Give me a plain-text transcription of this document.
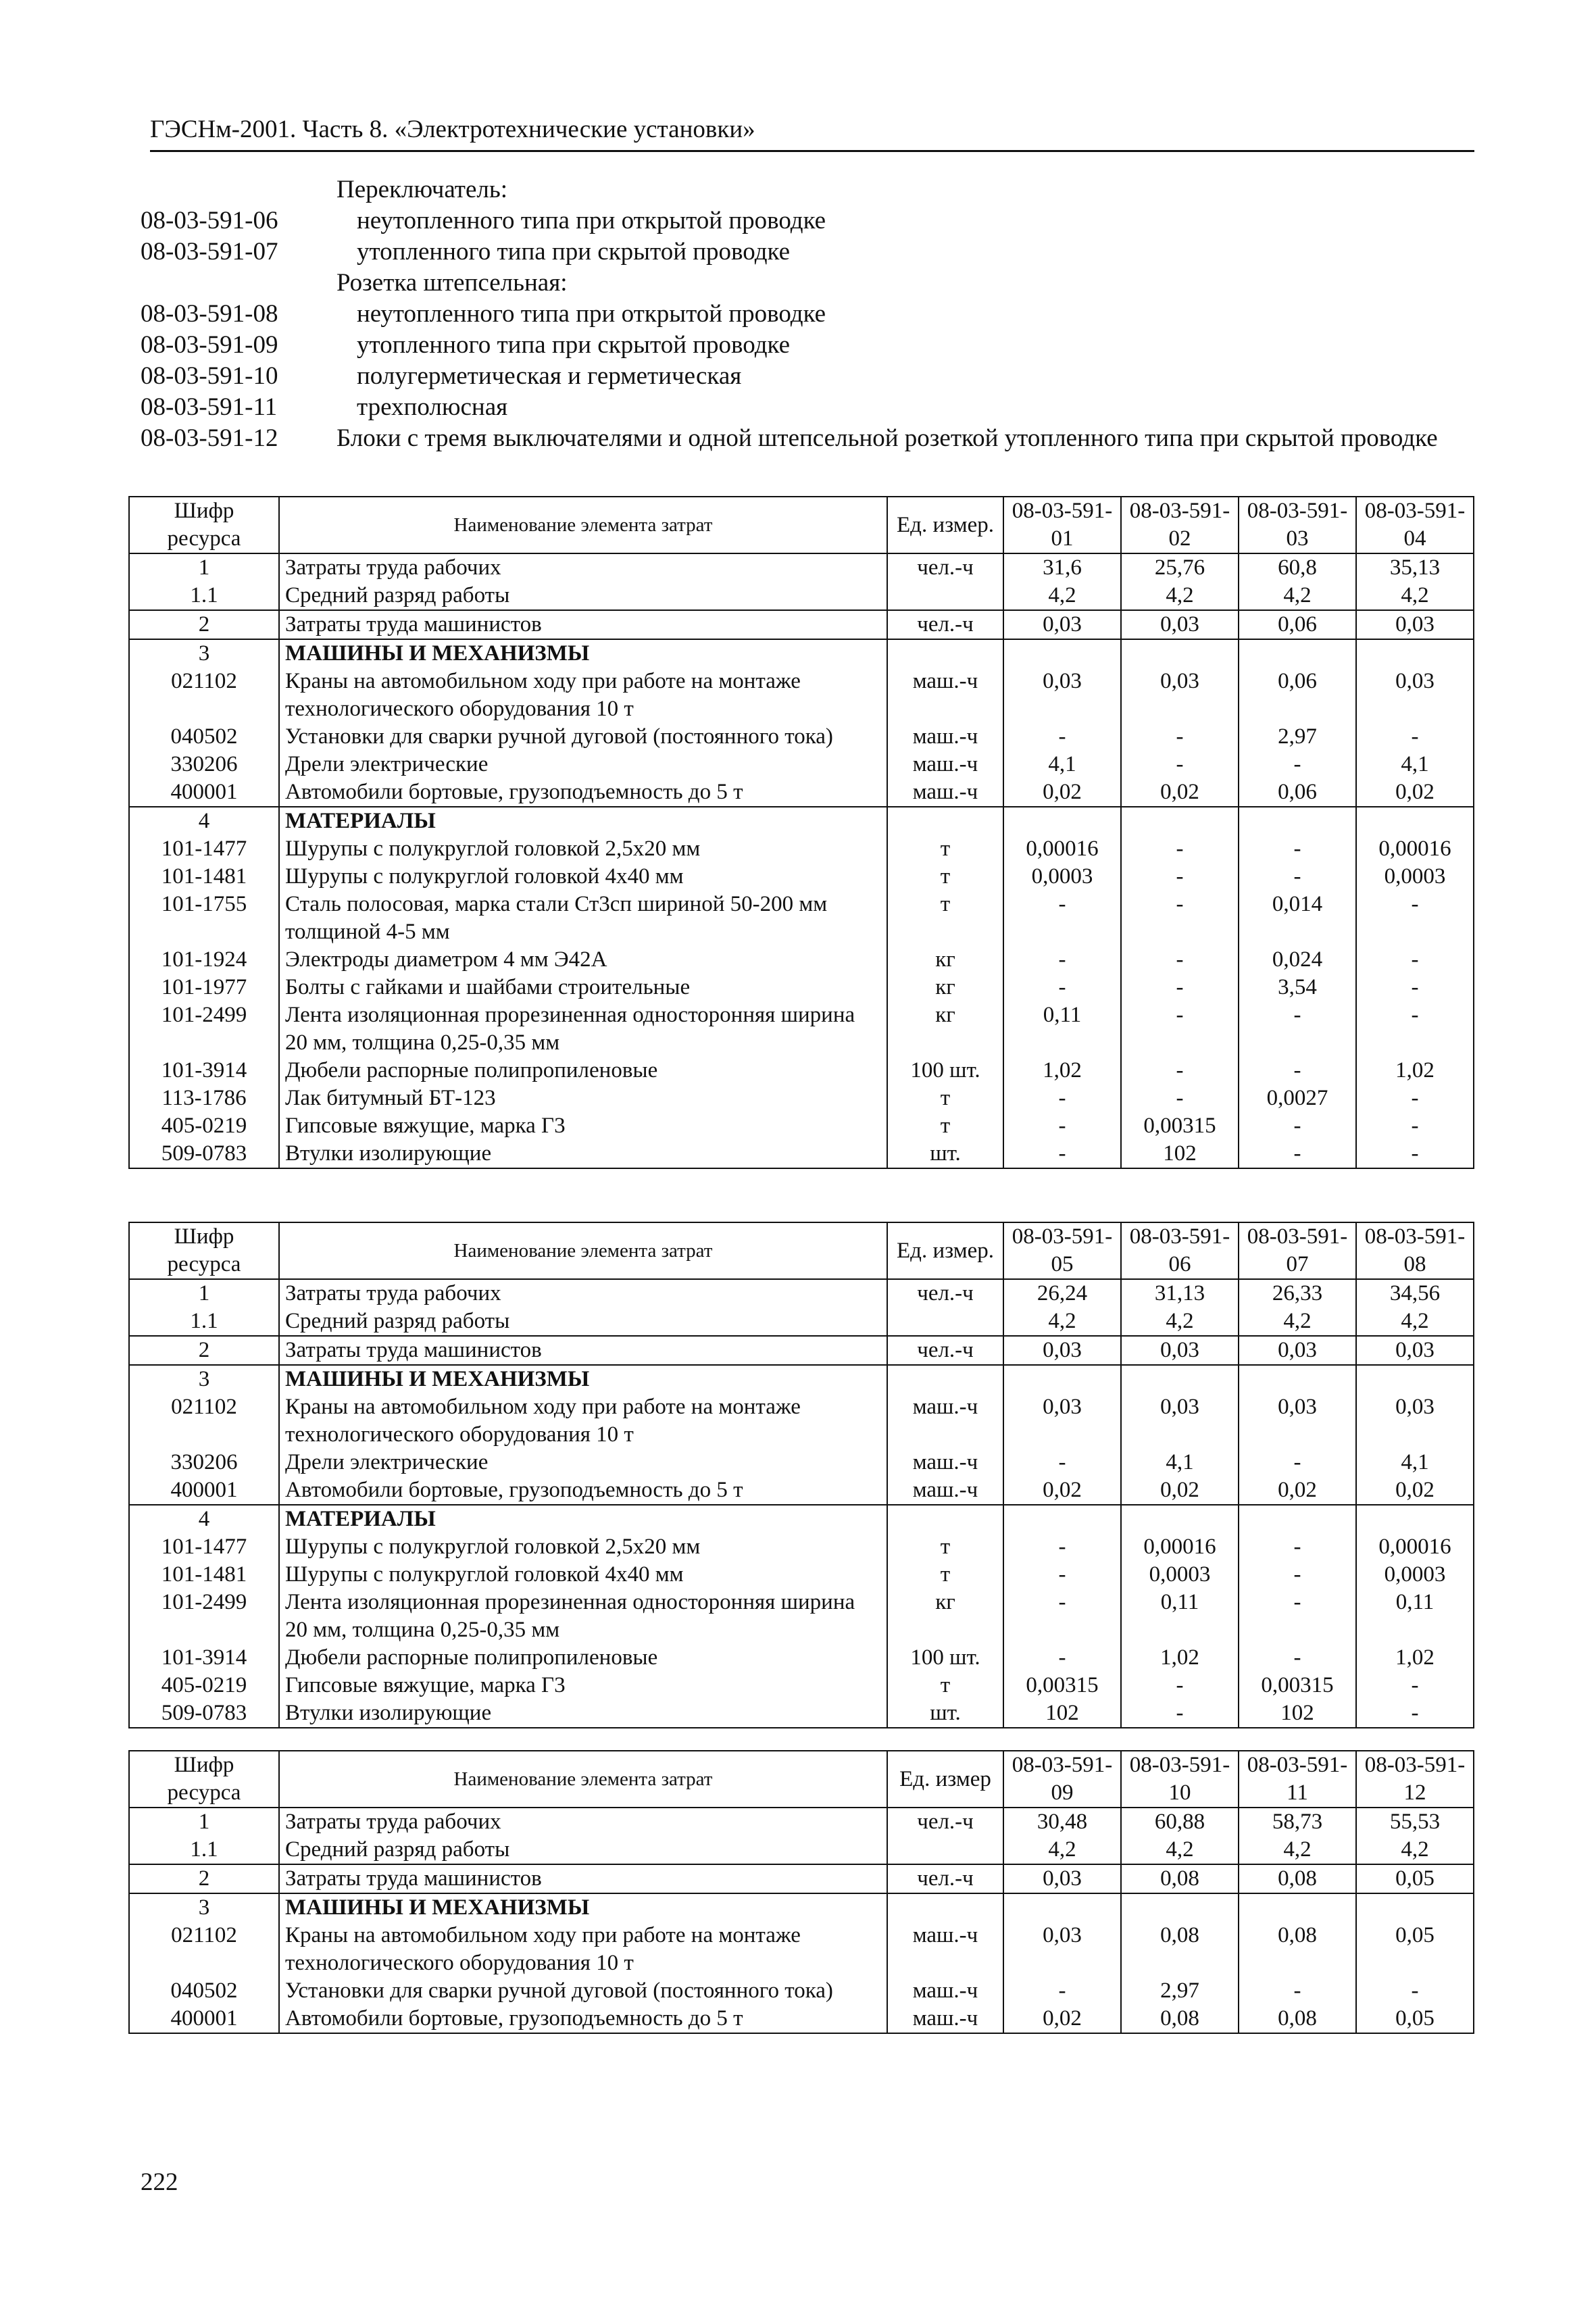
ГЭСНм-2001. Часть 8. «Электротехнические установки»
Переключатель:
08-03-591-06	неутопленного типа при открытой проводке
08-03-591-07	утопленного типа при скрытой проводке
Розетка штепсельная:
08-03-591-08	неутопленного типа при открытой проводке
08-03-591-09	утопленного типа при скрытой проводке
08-03-591-10	полугерметическая и герметическая
08-03-591-11	трехполюсная
08-03-591-12	Блоки с тремя выключателями и одной штепсельной розеткой утопленного типа при скрытой проводке
Шифр ресурса	Наименование элемента затрат	Ед. измер.	08-03-591-01	08-03-591-02	08-03-591-03	08-03-591-04
1	Затраты труда рабочих	чел.-ч	31,6	25,76	60,8	35,13
1.1	Средний разряд работы		4,2	4,2	4,2	4,2
2	Затраты труда машинистов	чел.-ч	0,03	0,03	0,06	0,03
3	МАШИНЫ И МЕХАНИЗМЫ					
021102	Краны на автомобильном ходу при работе на монтаже технологического оборудования 10 т	маш.-ч	0,03	0,03	0,06	0,03
040502	Установки для сварки ручной дуговой (постоянного тока)	маш.-ч	-	-	2,97	-
330206	Дрели электрические	маш.-ч	4,1	-	-	4,1
400001	Автомобили бортовые, грузоподъемность до 5 т	маш.-ч	0,02	0,02	0,06	0,02
4	МАТЕРИАЛЫ					
101-1477	Шурупы с полукруглой головкой 2,5х20 мм	т	0,00016	-	-	0,00016
101-1481	Шурупы с полукруглой головкой 4х40 мм	т	0,0003	-	-	0,0003
101-1755	Сталь полосовая, марка стали Ст3сп шириной 50-200 мм толщиной 4-5 мм	т	-	-	0,014	-
101-1924	Электроды диаметром 4 мм Э42А	кг	-	-	0,024	-
101-1977	Болты с гайками и шайбами строительные	кг	-	-	3,54	-
101-2499	Лента изоляционная прорезиненная односторонняя ширина 20 мм, толщина 0,25-0,35 мм	кг	0,11	-	-	-
101-3914	Дюбели распорные полипропиленовые	100 шт.	1,02	-	-	1,02
113-1786	Лак битумный БТ-123	т	-	-	0,0027	-
405-0219	Гипсовые вяжущие, марка Г3	т	-	0,00315	-	-
509-0783	Втулки изолирующие	шт.	-	102	-	-
Шифр ресурса	Наименование элемента затрат	Ед. измер.	08-03-591-05	08-03-591-06	08-03-591-07	08-03-591-08
1	Затраты труда рабочих	чел.-ч	26,24	31,13	26,33	34,56
1.1	Средний разряд работы		4,2	4,2	4,2	4,2
2	Затраты труда машинистов	чел.-ч	0,03	0,03	0,03	0,03
3	МАШИНЫ И МЕХАНИЗМЫ					
021102	Краны на автомобильном ходу при работе на монтаже технологического оборудования 10 т	маш.-ч	0,03	0,03	0,03	0,03
330206	Дрели электрические	маш.-ч	-	4,1	-	4,1
400001	Автомобили бортовые, грузоподъемность до 5 т	маш.-ч	0,02	0,02	0,02	0,02
4	МАТЕРИАЛЫ					
101-1477	Шурупы с полукруглой головкой 2,5х20 мм	т	-	0,00016	-	0,00016
101-1481	Шурупы с полукруглой головкой 4х40 мм	т	-	0,0003	-	0,0003
101-2499	Лента изоляционная прорезиненная односторонняя ширина 20 мм, толщина 0,25-0,35 мм	кг	-	0,11	-	0,11
101-3914	Дюбели распорные полипропиленовые	100 шт.	-	1,02	-	1,02
405-0219	Гипсовые вяжущие, марка Г3	т	0,00315	-	0,00315	-
509-0783	Втулки изолирующие	шт.	102	-	102	-
Шифр ресурса	Наименование элемента затрат	Ед. измер	08-03-591-09	08-03-591-10	08-03-591-11	08-03-591-12
1	Затраты труда рабочих	чел.-ч	30,48	60,88	58,73	55,53
1.1	Средний разряд работы		4,2	4,2	4,2	4,2
2	Затраты труда машинистов	чел.-ч	0,03	0,08	0,08	0,05
3	МАШИНЫ И МЕХАНИЗМЫ					
021102	Краны на автомобильном ходу при работе на монтаже технологического оборудования 10 т	маш.-ч	0,03	0,08	0,08	0,05
040502	Установки для сварки ручной дуговой (постоянного тока)	маш.-ч	-	2,97	-	-
400001	Автомобили бортовые, грузоподъемность до 5 т	маш.-ч	0,02	0,08	0,08	0,05
222
